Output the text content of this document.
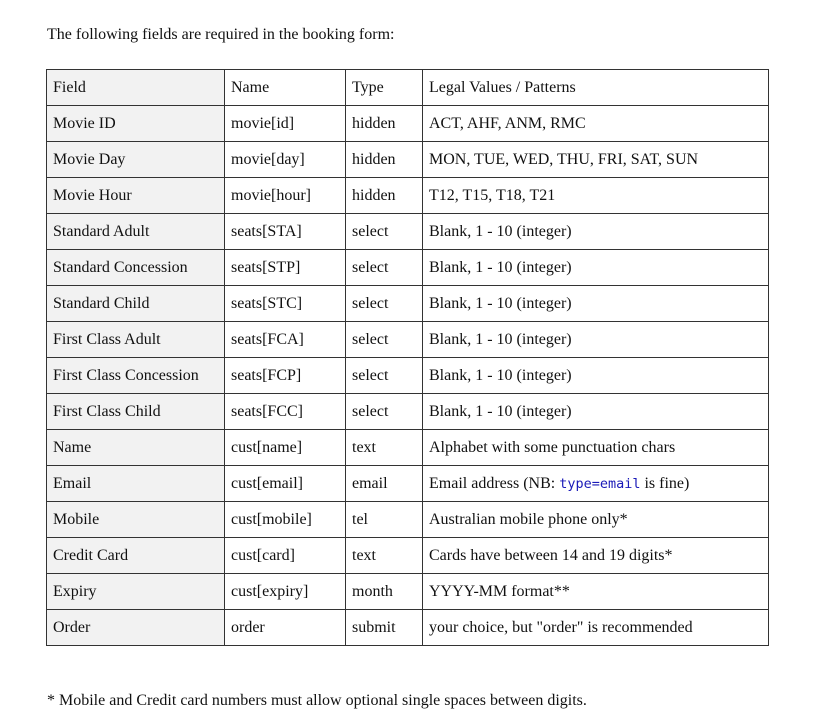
The following fields are required in the booking form:

Field	Name	Type	Legal Values / Patterns
Movie ID	movie[id]	hidden	ACT, AHF, ANM, RMC
Movie Day	movie[day]	hidden	MON, TUE, WED, THU, FRI, SAT, SUN
Movie Hour	movie[hour]	hidden	T12, T15, T18, T21
Standard Adult	seats[STA]	select	Blank, 1 - 10 (integer)
Standard Concession	seats[STP]	select	Blank, 1 - 10 (integer)
Standard Child	seats[STC]	select	Blank, 1 - 10 (integer)
First Class Adult	seats[FCA]	select	Blank, 1 - 10 (integer)
First Class Concession	seats[FCP]	select	Blank, 1 - 10 (integer)
First Class Child	seats[FCC]	select	Blank, 1 - 10 (integer)
Name	cust[name]	text	Alphabet with some punctuation chars
Email	cust[email]	email	Email address (NB: type=email is fine)
Mobile	cust[mobile]	tel	Australian mobile phone only*
Credit Card	cust[card]	text	Cards have between 14 and 19 digits*
Expiry	cust[expiry]	month	YYYY-MM format**
Order	order	submit	your choice, but "order" is recommended

* Mobile and Credit card numbers must allow optional single spaces between digits.
